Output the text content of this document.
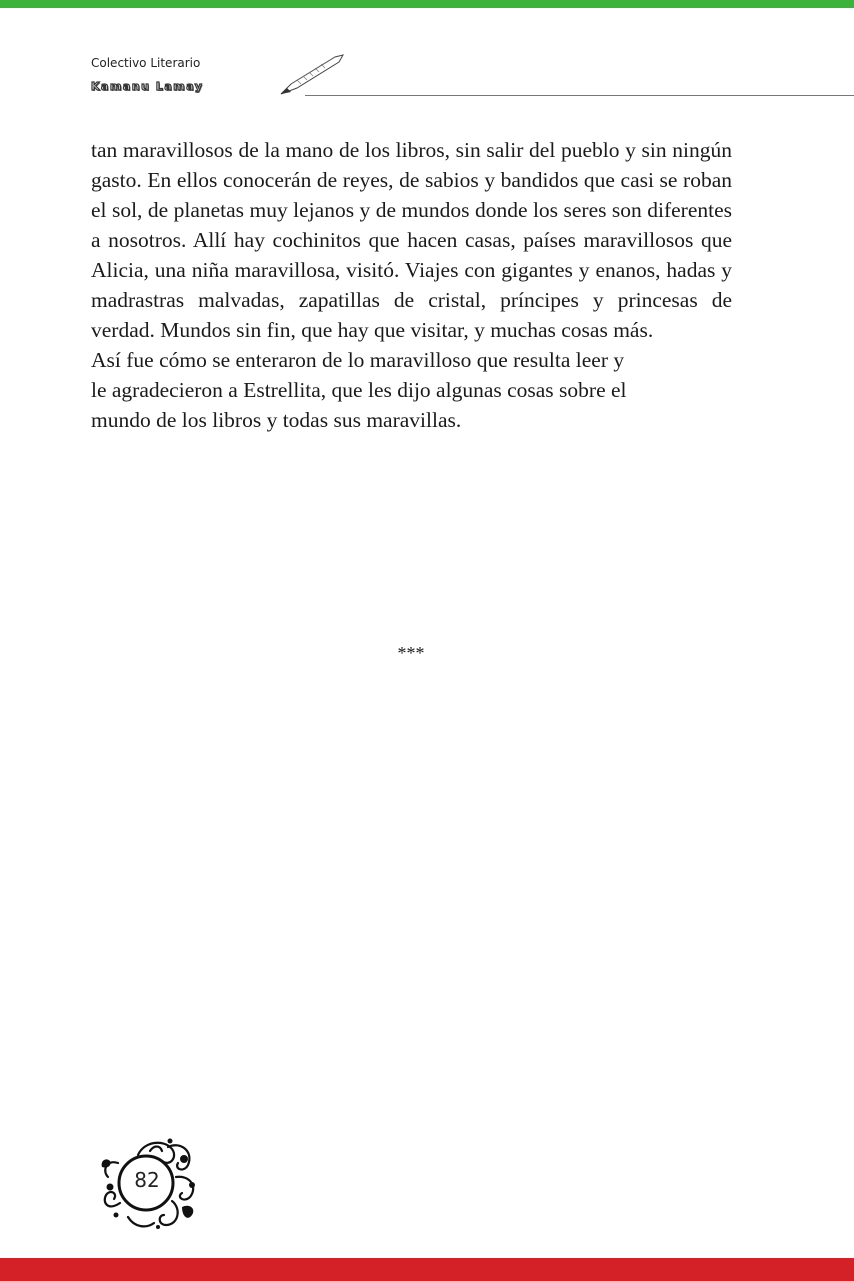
Colectivo Literario
Kamanu Lamay

tan maravillosos de la mano de los libros, sin salir del pueblo y sin ningún gasto. En ellos conocerán de reyes, de sabios y bandidos que casi se roban el sol, de planetas muy lejanos y de mundos donde los seres son diferentes a nosotros. Allí hay cochinitos que hacen casas, países maravillosos que Alicia, una niña maravillosa, visitó. Viajes con gigantes y enanos, hadas y madrastras malvadas, zapatillas de cristal, príncipes y princesas de verdad. Mundos sin fin, que hay que visitar, y muchas cosas más.

Así fue cómo se enteraron de lo maravilloso que resulta leer y
le agradecieron a Estrellita, que les dijo algunas cosas sobre el
mundo de los libros y todas sus maravillas.

***
82
